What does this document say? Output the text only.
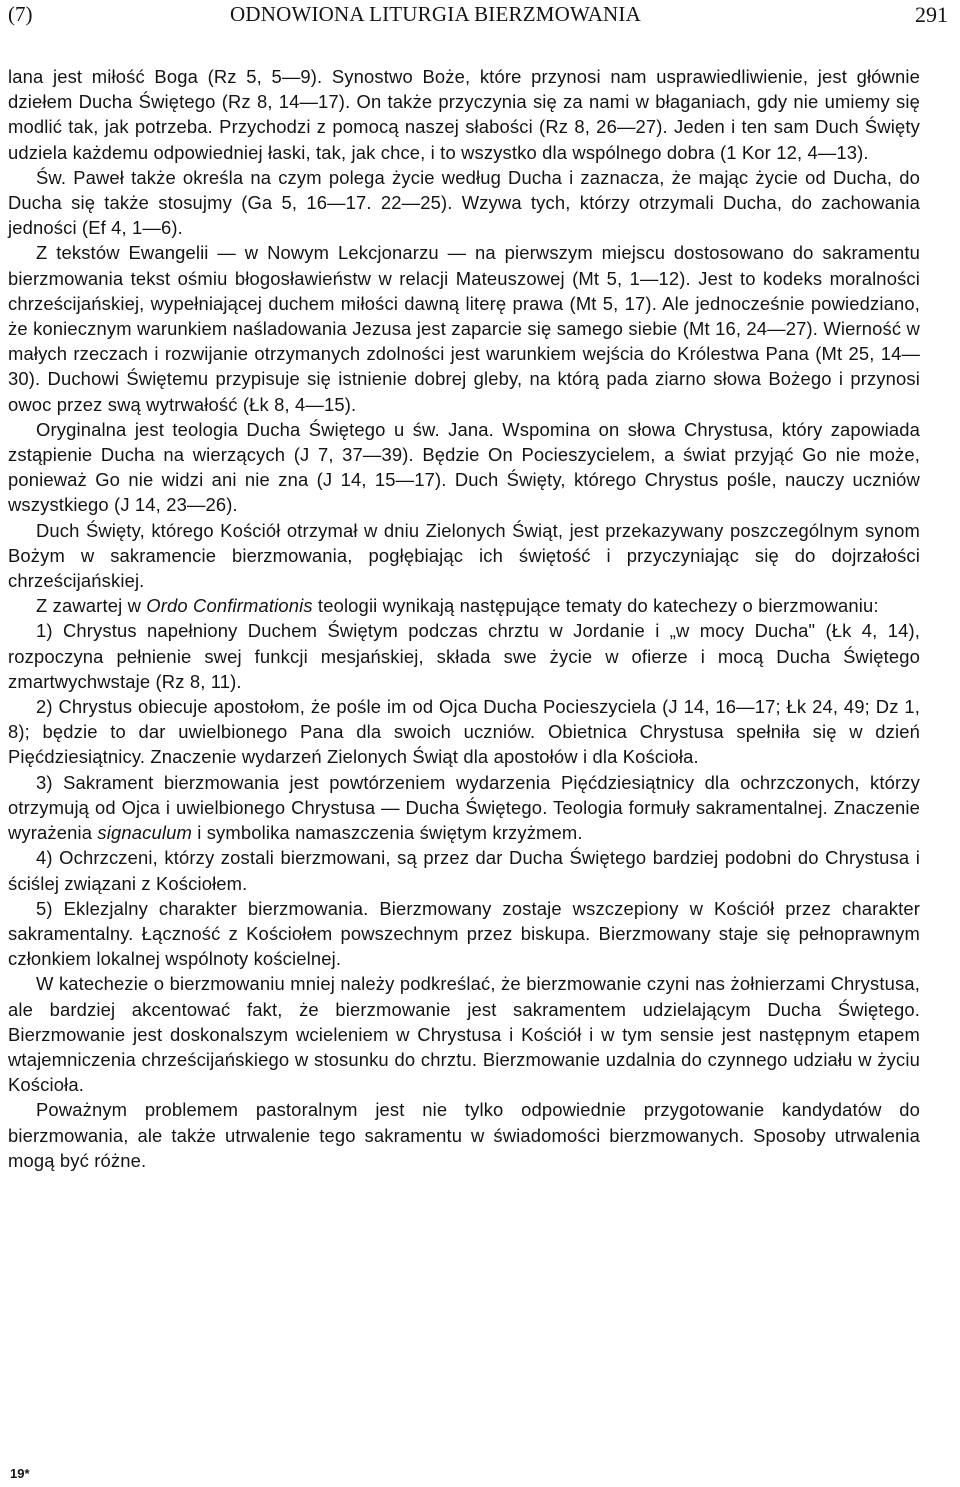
(7)	ODNOWIONA LITURGIA BIERZMOWANIA	291

lana jest miłość Boga (Rz 5, 5—9). Synostwo Boże, które przynosi nam usprawiedliwienie, jest głównie dziełem Ducha Świętego (Rz 8, 14—17). On także przyczynia się za nami w błaganiach, gdy nie umiemy się modlić tak, jak potrzeba. Przychodzi z pomocą naszej słabości (Rz 8, 26—27). Jeden i ten sam Duch Święty udziela każdemu odpowiedniej łaski, tak, jak chce, i to wszystko dla wspólnego dobra (1 Kor 12, 4—13).

Św. Paweł także określa na czym polega życie według Ducha i zaznacza, że mając życie od Ducha, do Ducha się także stosujmy (Ga 5, 16—17. 22—25). Wzywa tych, którzy otrzymali Ducha, do zachowania jedności (Ef 4, 1—6).

Z tekstów Ewangelii — w Nowym Lekcjonarzu — na pierwszym miejscu dostosowano do sakramentu bierzmowania tekst ośmiu błogosławieństw w relacji Mateuszowej (Mt 5, 1—12). Jest to kodeks moralności chrześcijańskiej, wypełniającej duchem miłości dawną literę prawa (Mt 5, 17). Ale jednocześnie powiedziano, że koniecznym warunkiem naśladowania Jezusa jest zaparcie się samego siebie (Mt 16, 24—27). Wierność w małych rzeczach i rozwijanie otrzymanych zdolności jest warunkiem wejścia do Królestwa Pana (Mt 25, 14—30). Duchowi Świętemu przypisuje się istnienie dobrej gleby, na którą pada ziarno słowa Bożego i przynosi owoc przez swą wytrwałość (Łk 8, 4—15).

Oryginalna jest teologia Ducha Świętego u św. Jana. Wspomina on słowa Chrystusa, który zapowiada zstąpienie Ducha na wierzących (J 7, 37—39). Będzie On Pocieszycielem, a świat przyjąć Go nie może, ponieważ Go nie widzi ani nie zna (J 14, 15—17). Duch Święty, którego Chrystus pośle, nauczy uczniów wszystkiego (J 14, 23—26).

Duch Święty, którego Kościół otrzymał w dniu Zielonych Świąt, jest przekazywany poszczególnym synom Bożym w sakramencie bierzmowania, pogłębiając ich świętość i przyczyniając się do dojrzałości chrześcijańskiej.

Z zawartej w Ordo Confirmationis teologii wynikają następujące tematy do katechezy o bierzmowaniu:

1) Chrystus napełniony Duchem Świętym podczas chrztu w Jordanie i „w mocy Ducha" (Łk 4, 14), rozpoczyna pełnienie swej funkcji mesjańskiej, składa swe życie w ofierze i mocą Ducha Świętego zmartwychwstaje (Rz 8, 11).

2) Chrystus obiecuje apostołom, że pośle im od Ojca Ducha Pocieszyciela (J 14, 16—17; Łk 24, 49; Dz 1, 8); będzie to dar uwielbionego Pana dla swoich uczniów. Obietnica Chrystusa spełniła się w dzień Pięćdziesiątnicy. Znaczenie wydarzeń Zielonych Świąt dla apostołów i dla Kościoła.

3) Sakrament bierzmowania jest powtórzeniem wydarzenia Pięćdziesiątnicy dla ochrzczonych, którzy otrzymują od Ojca i uwielbionego Chrystusa — Ducha Świętego. Teologia formuły sakramentalnej. Znaczenie wyrażenia signaculum i symbolika namaszczenia świętym krzyżmem.

4) Ochrzczeni, którzy zostali bierzmowani, są przez dar Ducha Świętego bardziej podobni do Chrystusa i ściślej związani z Kościołem.

5) Eklezjalny charakter bierzmowania. Bierzmowany zostaje wszczepiony w Kościół przez charakter sakramentalny. Łączność z Kościołem powszechnym przez biskupa. Bierzmowany staje się pełnoprawnym członkiem lokalnej wspólnoty kościelnej.

W katechezie o bierzmowaniu mniej należy podkreślać, że bierzmowanie czyni nas żołnierzami Chrystusa, ale bardziej akcentować fakt, że bierzmowanie jest sakramentem udzielającym Ducha Świętego. Bierzmowanie jest doskonalszym wcieleniem w Chrystusa i Kościół i w tym sensie jest następnym etapem wtajemniczenia chrześcijańskiego w stosunku do chrztu. Bierzmowanie uzdalnia do czynnego udziału w życiu Kościoła.

Poważnym problemem pastoralnym jest nie tylko odpowiednie przygotowanie kandydatów do bierzmowania, ale także utrwalenie tego sakramentu w świadomości bierzmowanych. Sposoby utrwalenia mogą być różne.

19*
